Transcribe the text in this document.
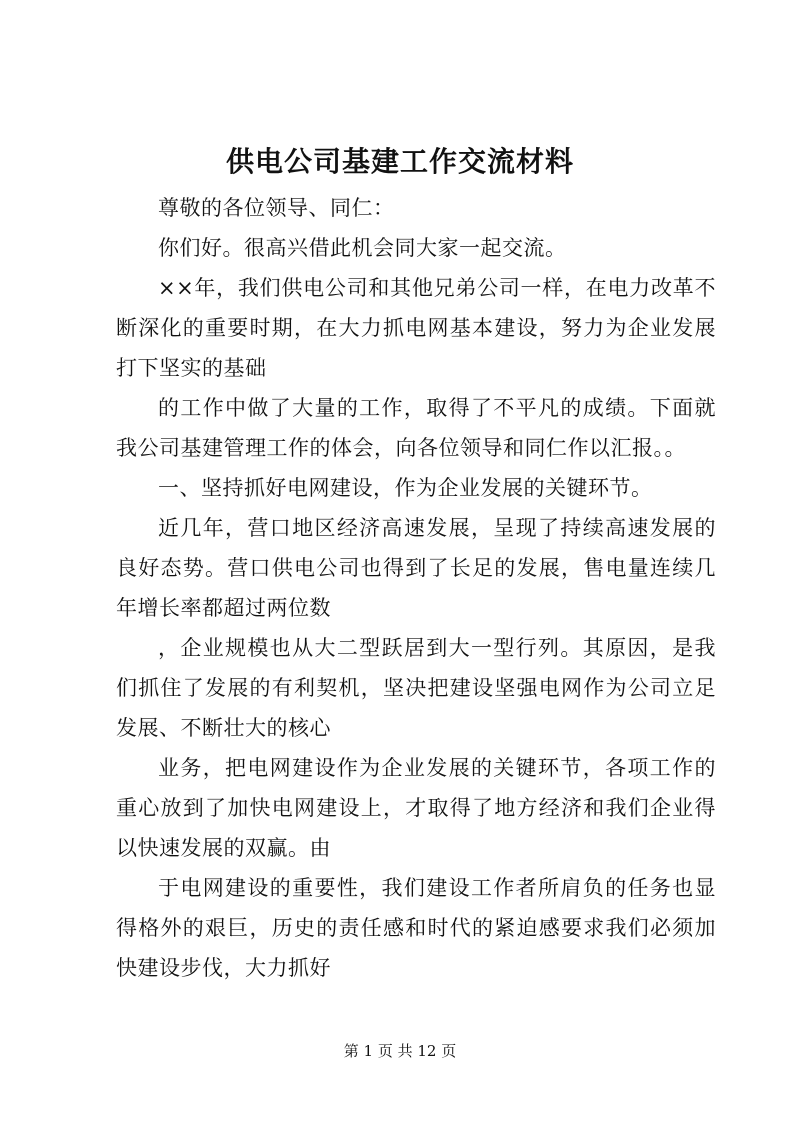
供电公司基建工作交流材料

尊敬的各位领导、同仁：

你们好。很高兴借此机会同大家一起交流。

××年，我们供电公司和其他兄弟公司一样，在电力改革不断深化的重要时期，在大力抓电网基本建设，努力为企业发展打下坚实的基础

的工作中做了大量的工作，取得了不平凡的成绩。下面就我公司基建管理工作的体会，向各位领导和同仁作以汇报。。

一、坚持抓好电网建设，作为企业发展的关键环节。

近几年，营口地区经济高速发展，呈现了持续高速发展的良好态势。营口供电公司也得到了长足的发展，售电量连续几年增长率都超过两位数

，企业规模也从大二型跃居到大一型行列。其原因，是我们抓住了发展的有利契机，坚决把建设坚强电网作为公司立足发展、不断壮大的核心

业务，把电网建设作为企业发展的关键环节，各项工作的重心放到了加快电网建设上，才取得了地方经济和我们企业得以快速发展的双赢。由

于电网建设的重要性，我们建设工作者所肩负的任务也显得格外的艰巨，历史的责任感和时代的紧迫感要求我们必须加快建设步伐，大力抓好

第 1 页 共 12 页
